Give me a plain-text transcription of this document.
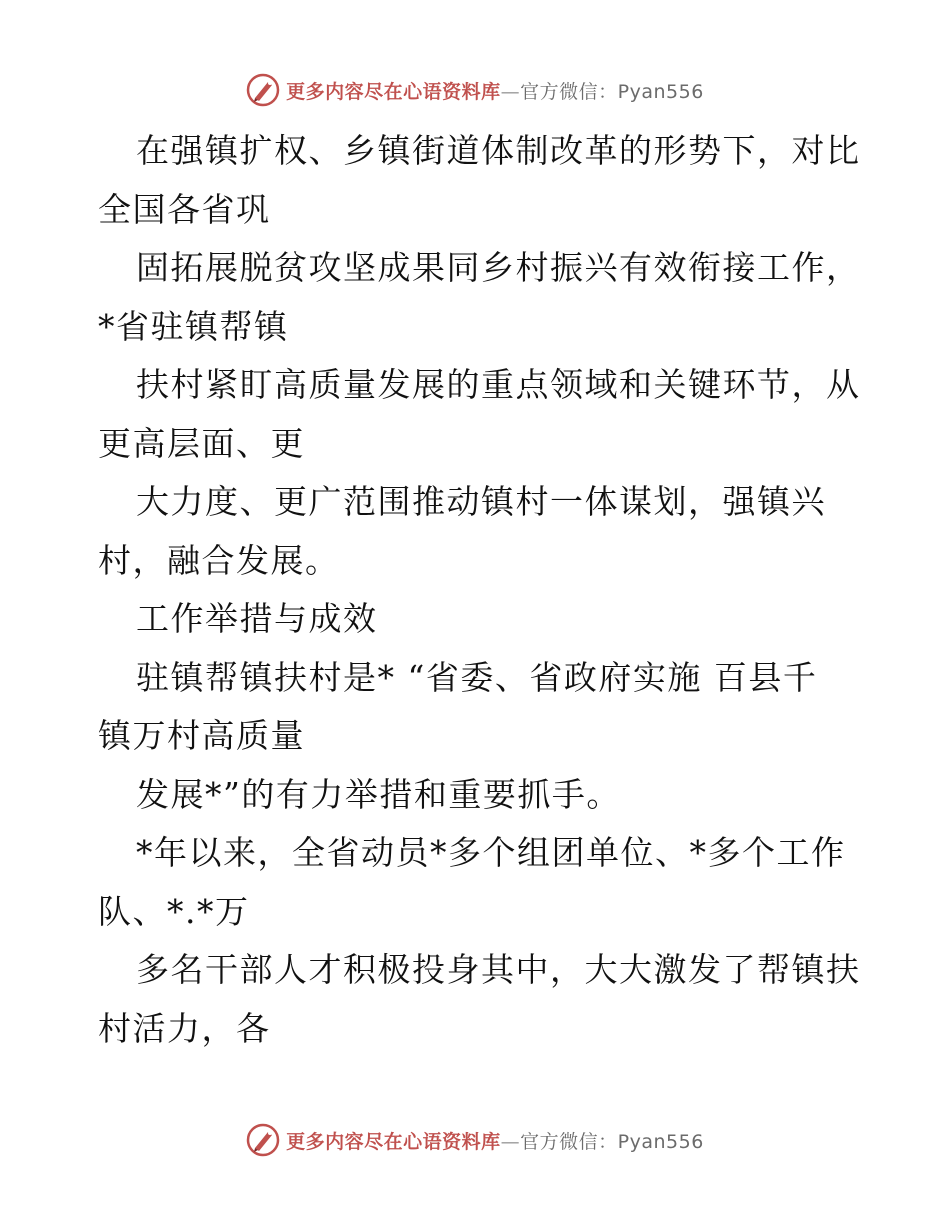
更多内容尽在心语资料库—官方微信：Pyan556
在强镇扩权、乡镇街道体制改革的形势下，对比
全国各省巩
固拓展脱贫攻坚成果同乡村振兴有效衔接工作，
*省驻镇帮镇
扶村紧盯高质量发展的重点领域和关键环节，从
更高层面、更
大力度、更广范围推动镇村一体谋划，强镇兴
村，融合发展。
工作举措与成效
驻镇帮镇扶村是* “省委、省政府实施 百县千
镇万村高质量
发展*”的有力举措和重要抓手。
*年以来，全省动员*多个组团单位、*多个工作
队、*.*万
多名干部人才积极投身其中，大大激发了帮镇扶
村活力，各
更多内容尽在心语资料库—官方微信：Pyan556
